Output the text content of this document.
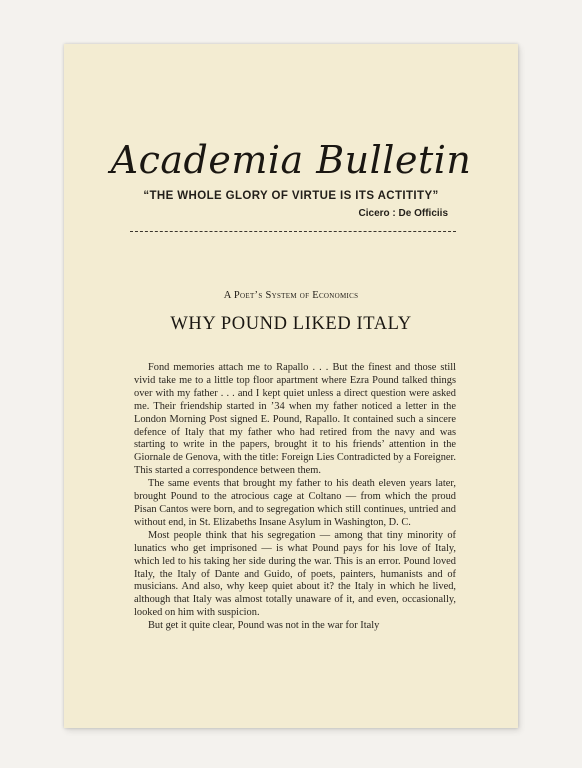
Academia Bulletin
“THE WHOLE GLORY OF VIRTUE IS ITS ACTITITY”
Cicero : De Officiis
A Poet’s System of Economics
WHY POUND LIKED ITALY

Fond memories attach me to Rapallo . . . But the finest and those still vivid take me to a little top floor apartment where Ezra Pound talked things over with my father . . . and I kept quiet unless a direct question were asked me. Their friendship started in ’34 when my father noticed a letter in the London Morning Post signed E. Pound, Rapallo. It contained such a sincere defence of Italy that my father who had retired from the navy and was starting to write in the papers, brought it to his friends’ attention in the Giornale de Genova, with the title: Foreign Lies Contradicted by a Foreigner. This started a correspondence between them.

The same events that brought my father to his death eleven years later, brought Pound to the atrocious cage at Coltano — from which the proud Pisan Cantos were born, and to segregation which still continues, untried and without end, in St. Elizabeths Insane Asylum in Washington, D. C.

Most people think that his segregation — among that tiny minority of lunatics who get imprisoned — is what Pound pays for his love of Italy, which led to his taking her side during the war. This is an error. Pound loved Italy, the Italy of Dante and Guido, of poets, painters, humanists and of musicians. And also, why keep quiet about it? the Italy in which he lived, although that Italy was almost totally unaware of it, and even, occasionally, looked on him with suspicion.

But get it quite clear, Pound was not in the war for Italy
